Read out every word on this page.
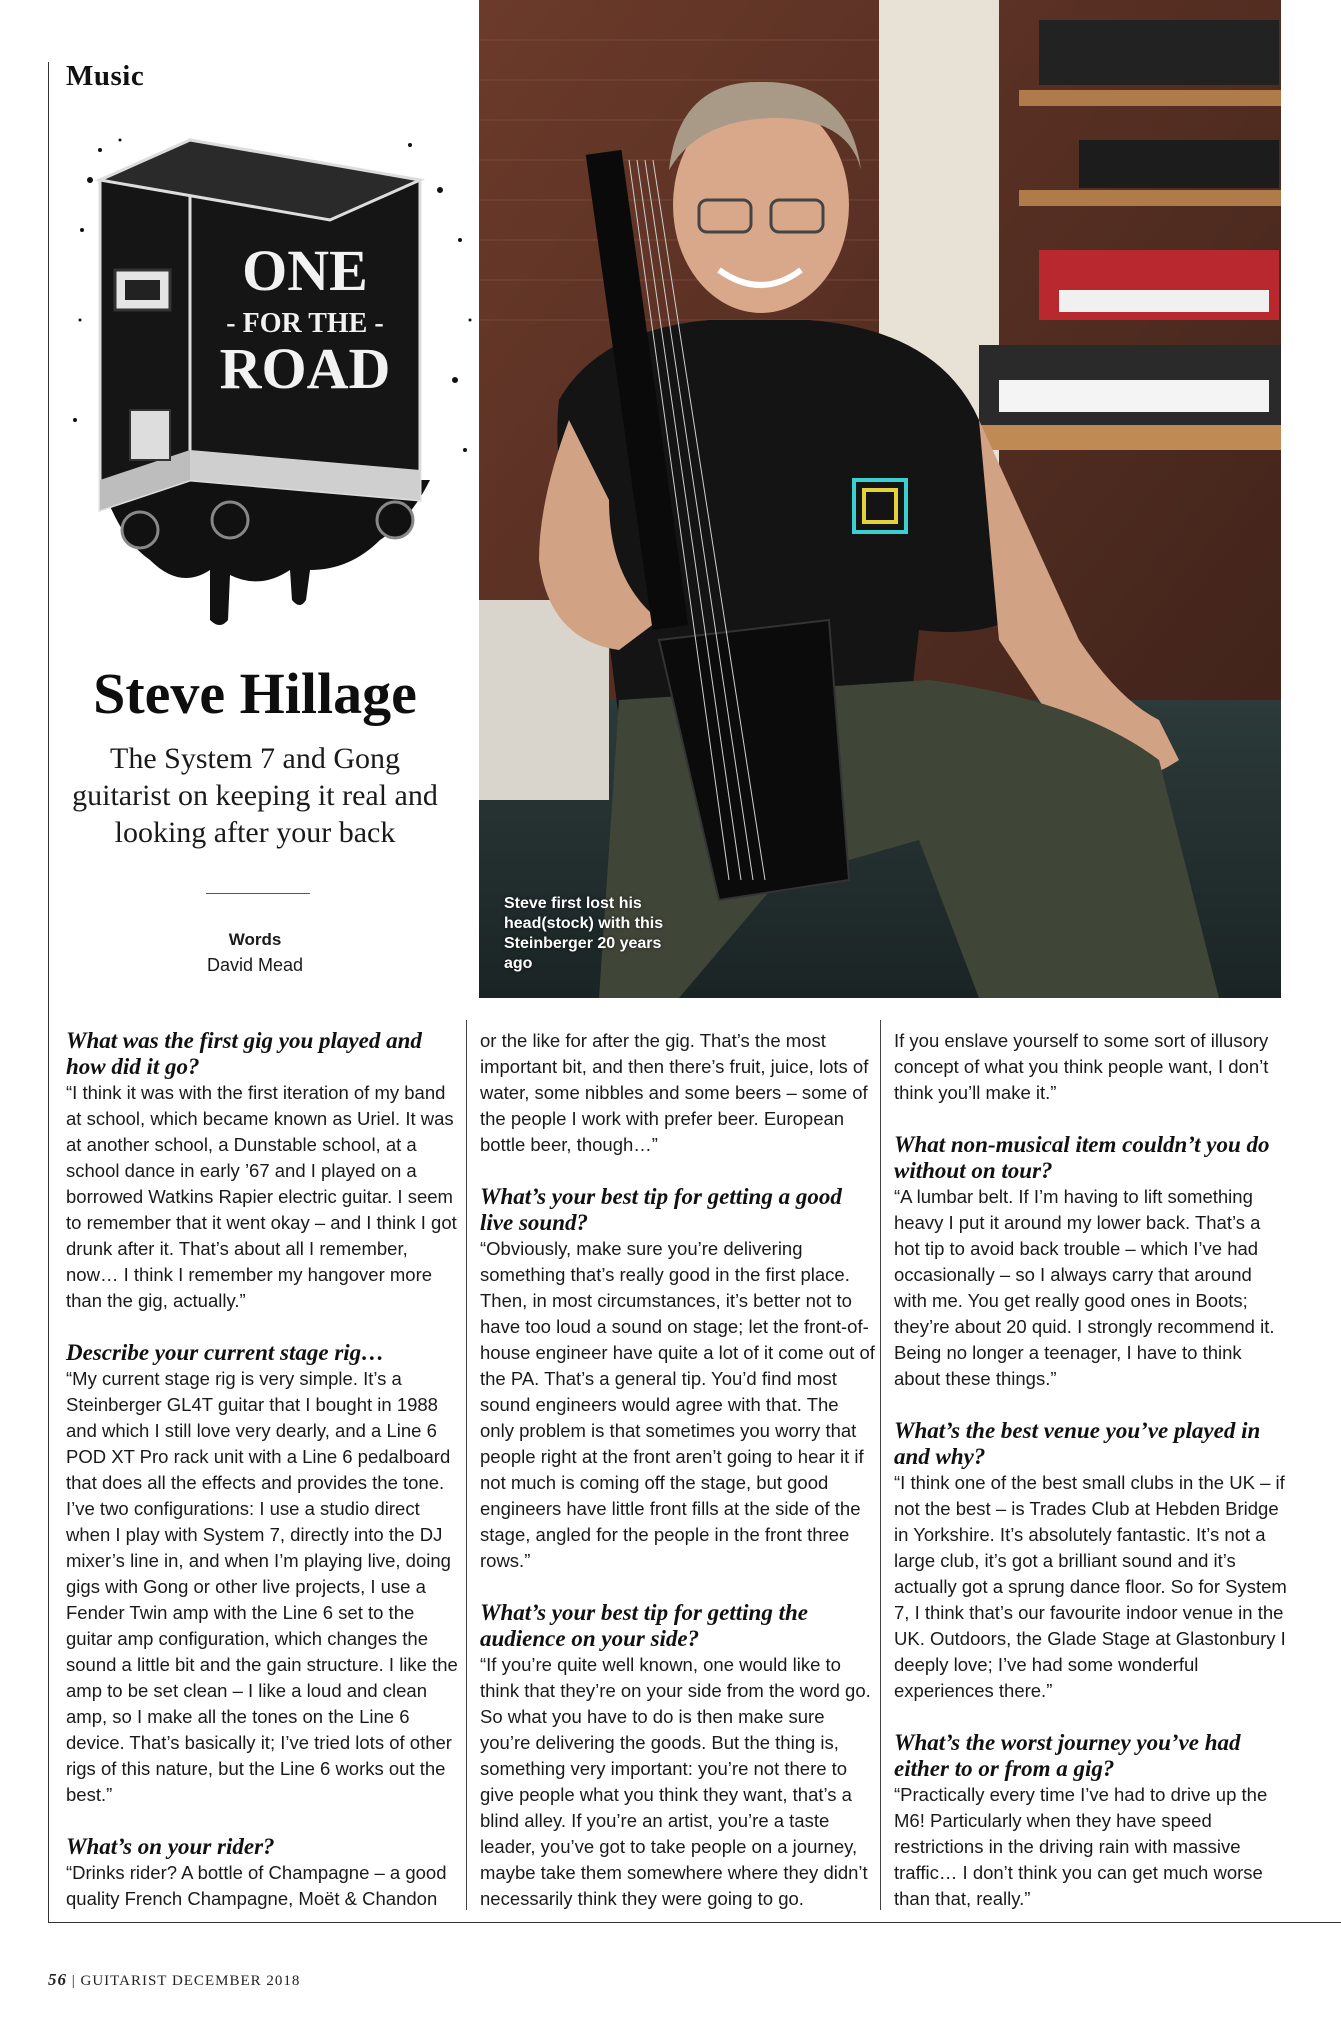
Music
ONE
- FOR THE -
ROAD
Steve Hillage
The System 7 and Gong guitarist on keeping it real and looking after your back
Words
David Mead
Steve first lost his head(stock) with this Steinberger 20 years ago

What was the first gig you played and how did it go?

“I think it was with the first iteration of my band at school, which became known as Uriel. It was at another school, a Dunstable school, at a school dance in early ’67 and I played on a borrowed Watkins Rapier electric guitar. I seem to remember that it went okay – and I think I got drunk after it. That’s about all I remember, now… I think I remember my hangover more than the gig, actually.”

Describe your current stage rig…

“My current stage rig is very simple. It’s a Steinberger GL4T guitar that I bought in 1988 and which I still love very dearly, and a Line 6 POD XT Pro rack unit with a Line 6 pedalboard that does all the effects and provides the tone. I’ve two configurations: I use a studio direct when I play with System 7, directly into the DJ mixer’s line in, and when I’m playing live, doing gigs with Gong or other live projects, I use a Fender Twin amp with the Line 6 set to the guitar amp configuration, which changes the sound a little bit and the gain structure. I like the amp to be set clean – I like a loud and clean amp, so I make all the tones on the Line 6 device. That’s basically it; I’ve tried lots of other rigs of this nature, but the Line 6 works out the best.”

What’s on your rider?

“Drinks rider? A bottle of Champagne – a good quality French Champagne, Moët & Chandon

or the like for after the gig. That’s the most important bit, and then there’s fruit, juice, lots of water, some nibbles and some beers – some of the people I work with prefer beer. European bottle beer, though…”

What’s your best tip for getting a good live sound?

“Obviously, make sure you’re delivering something that’s really good in the first place. Then, in most circumstances, it’s better not to have too loud a sound on stage; let the front-of-house engineer have quite a lot of it come out of the PA. That’s a general tip. You’d find most sound engineers would agree with that. The only problem is that sometimes you worry that people right at the front aren’t going to hear it if not much is coming off the stage, but good engineers have little front fills at the side of the stage, angled for the people in the front three rows.”

What’s your best tip for getting the audience on your side?

“If you’re quite well known, one would like to think that they’re on your side from the word go. So what you have to do is then make sure you’re delivering the goods. But the thing is, something very important: you’re not there to give people what you think they want, that’s a blind alley. If you’re an artist, you’re a taste leader, you’ve got to take people on a journey, maybe take them somewhere where they didn’t necessarily think they were going to go.

If you enslave yourself to some sort of illusory concept of what you think people want, I don’t think you’ll make it.”

What non-musical item couldn’t you do without on tour?

“A lumbar belt. If I’m having to lift something heavy I put it around my lower back. That’s a hot tip to avoid back trouble – which I’ve had occasionally – so I always carry that around with me. You get really good ones in Boots; they’re about 20 quid. I strongly recommend it. Being no longer a teenager, I have to think about these things.”

What’s the best venue you’ve played in and why?

“I think one of the best small clubs in the UK – if not the best – is Trades Club at Hebden Bridge in Yorkshire. It’s absolutely fantastic. It’s not a large club, it’s got a brilliant sound and it’s actually got a sprung dance floor. So for System 7, I think that’s our favourite indoor venue in the UK. Outdoors, the Glade Stage at Glastonbury I deeply love; I’ve had some wonderful experiences there.”

What’s the worst journey you’ve had either to or from a gig?

“Practically every time I’ve had to drive up the M6! Particularly when they have speed restrictions in the driving rain with massive traffic… I don’t think you can get much worse than that, really.”

56 | GUITARIST DECEMBER 2018
